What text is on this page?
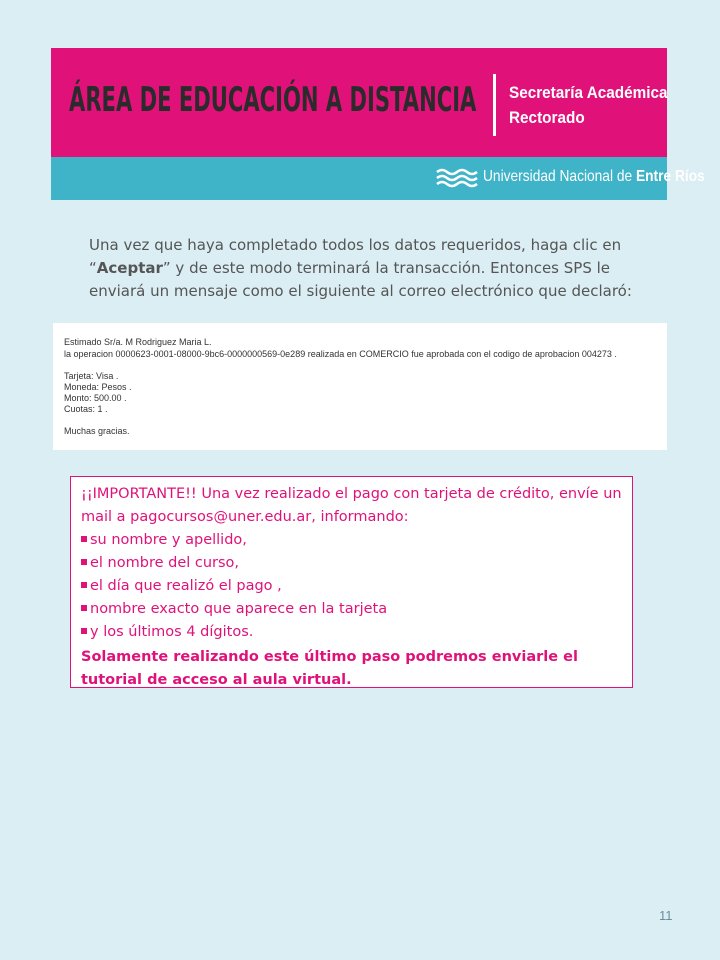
ÁREA DE EDUCACIÓN A DISTANCIA Secretaría Académica
Rectorado
Universidad Nacional de Entre Ríos
Una vez que haya completado todos los datos requeridos, haga clic en “Aceptar” y de este modo terminará la transacción. Entonces SPS le enviará un mensaje como el siguiente al correo electrónico que declaró:
Estimado Sr/a. M Rodriguez Maria L.
la operacion 0000623-0001-08000-9bc6-0000000569-0e289 realizada en COMERCIO fue aprobada con el codigo de aprobacion 004273 .
Tarjeta: Visa .
Moneda: Pesos .
Monto: 500.00 .
Cuotas: 1 .
Muchas gracias.
¡¡IMPORTANTE!! Una vez realizado el pago con tarjeta de crédito, envíe un mail a pagocursos@uner.edu.ar, informando:
su nombre y apellido,
el nombre del curso,
el día que realizó el pago ,
nombre exacto que aparece en la tarjeta
y los últimos 4 dígitos.
Solamente realizando este último paso podremos enviarle el tutorial de acceso al aula virtual.
11
